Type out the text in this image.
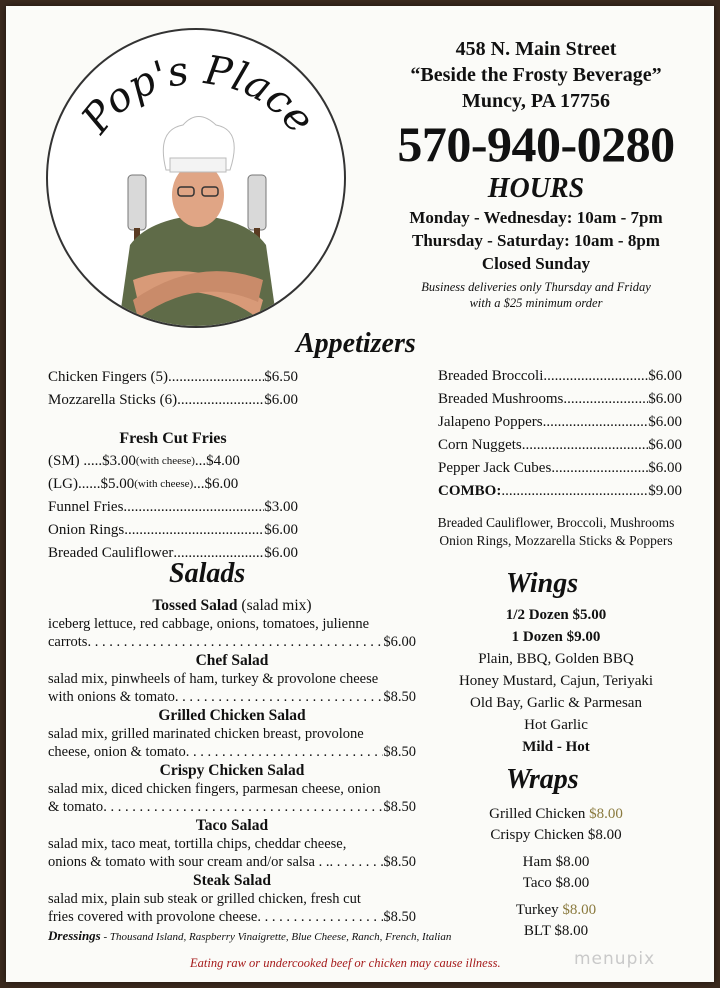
Pop's Place
458 N. Main Street
“Beside the Frosty Beverage”
Muncy, PA 17756
570-940-0280
HOURS
Monday - Wednesday: 10am - 7pm
Thursday - Saturday: 10am - 8pm
Closed Sunday
Business deliveries only Thursday and Friday
with a $25 minimum order
Appetizers
Chicken Fingers (5) .....	$6.50
Mozzarella Sticks (6) .....	$6.00
Fresh Cut Fries
(SM) .....$3.00 (with cheese) ...$4.00
(LG)......$5.00 (with cheese) ...$6.00
Funnel Fries .....	$3.00
Onion Rings .....	$6.00
Breaded Cauliflower .....	$6.00
Breaded Broccoli .....	$6.00
Breaded Mushrooms .....	$6.00
Jalapeno Poppers .....	$6.00
Corn Nuggets .....	$6.00
Pepper Jack Cubes .....	$6.00
COMBO: .....	$9.00
Breaded Cauliflower, Broccoli, Mushrooms
Onion Rings, Mozzarella Sticks & Poppers
Salads
Tossed Salad (salad mix)
iceberg lettuce, red cabbage, onions, tomatoes, julienne
carrots . . .	$6.00
Chef Salad
salad mix, pinwheels of ham, turkey & provolone cheese
with onions & tomato . . .	$8.50
Grilled Chicken Salad
salad mix, grilled marinated chicken breast, provolone
cheese, onion & tomato . . .	$8.50
Crispy Chicken Salad
salad mix, diced chicken fingers, parmesan cheese, onion
& tomato . . .	$8.50
Taco Salad
salad mix, taco meat, tortilla chips, cheddar cheese,
onions & tomato with sour cream and/or salsa . . . . .	$8.50
Steak Salad
salad mix, plain sub steak or grilled chicken, fresh cut
fries covered with provolone cheese . . .	$8.50
Dressings - Thousand Island, Raspberry Vinaigrette, Blue Cheese, Ranch, French, Italian
Wings
1/2 Dozen $5.00
1 Dozen $9.00
Plain, BBQ, Golden BBQ
Honey Mustard, Cajun, Teriyaki
Old Bay, Garlic & Parmesan
Hot Garlic
Mild - Hot
Wraps
Grilled Chicken $8.00
Crispy Chicken $8.00
Ham $8.00
Taco $8.00
Turkey $8.00
BLT $8.00
Eating raw or undercooked beef or chicken may cause illness.	menupix
